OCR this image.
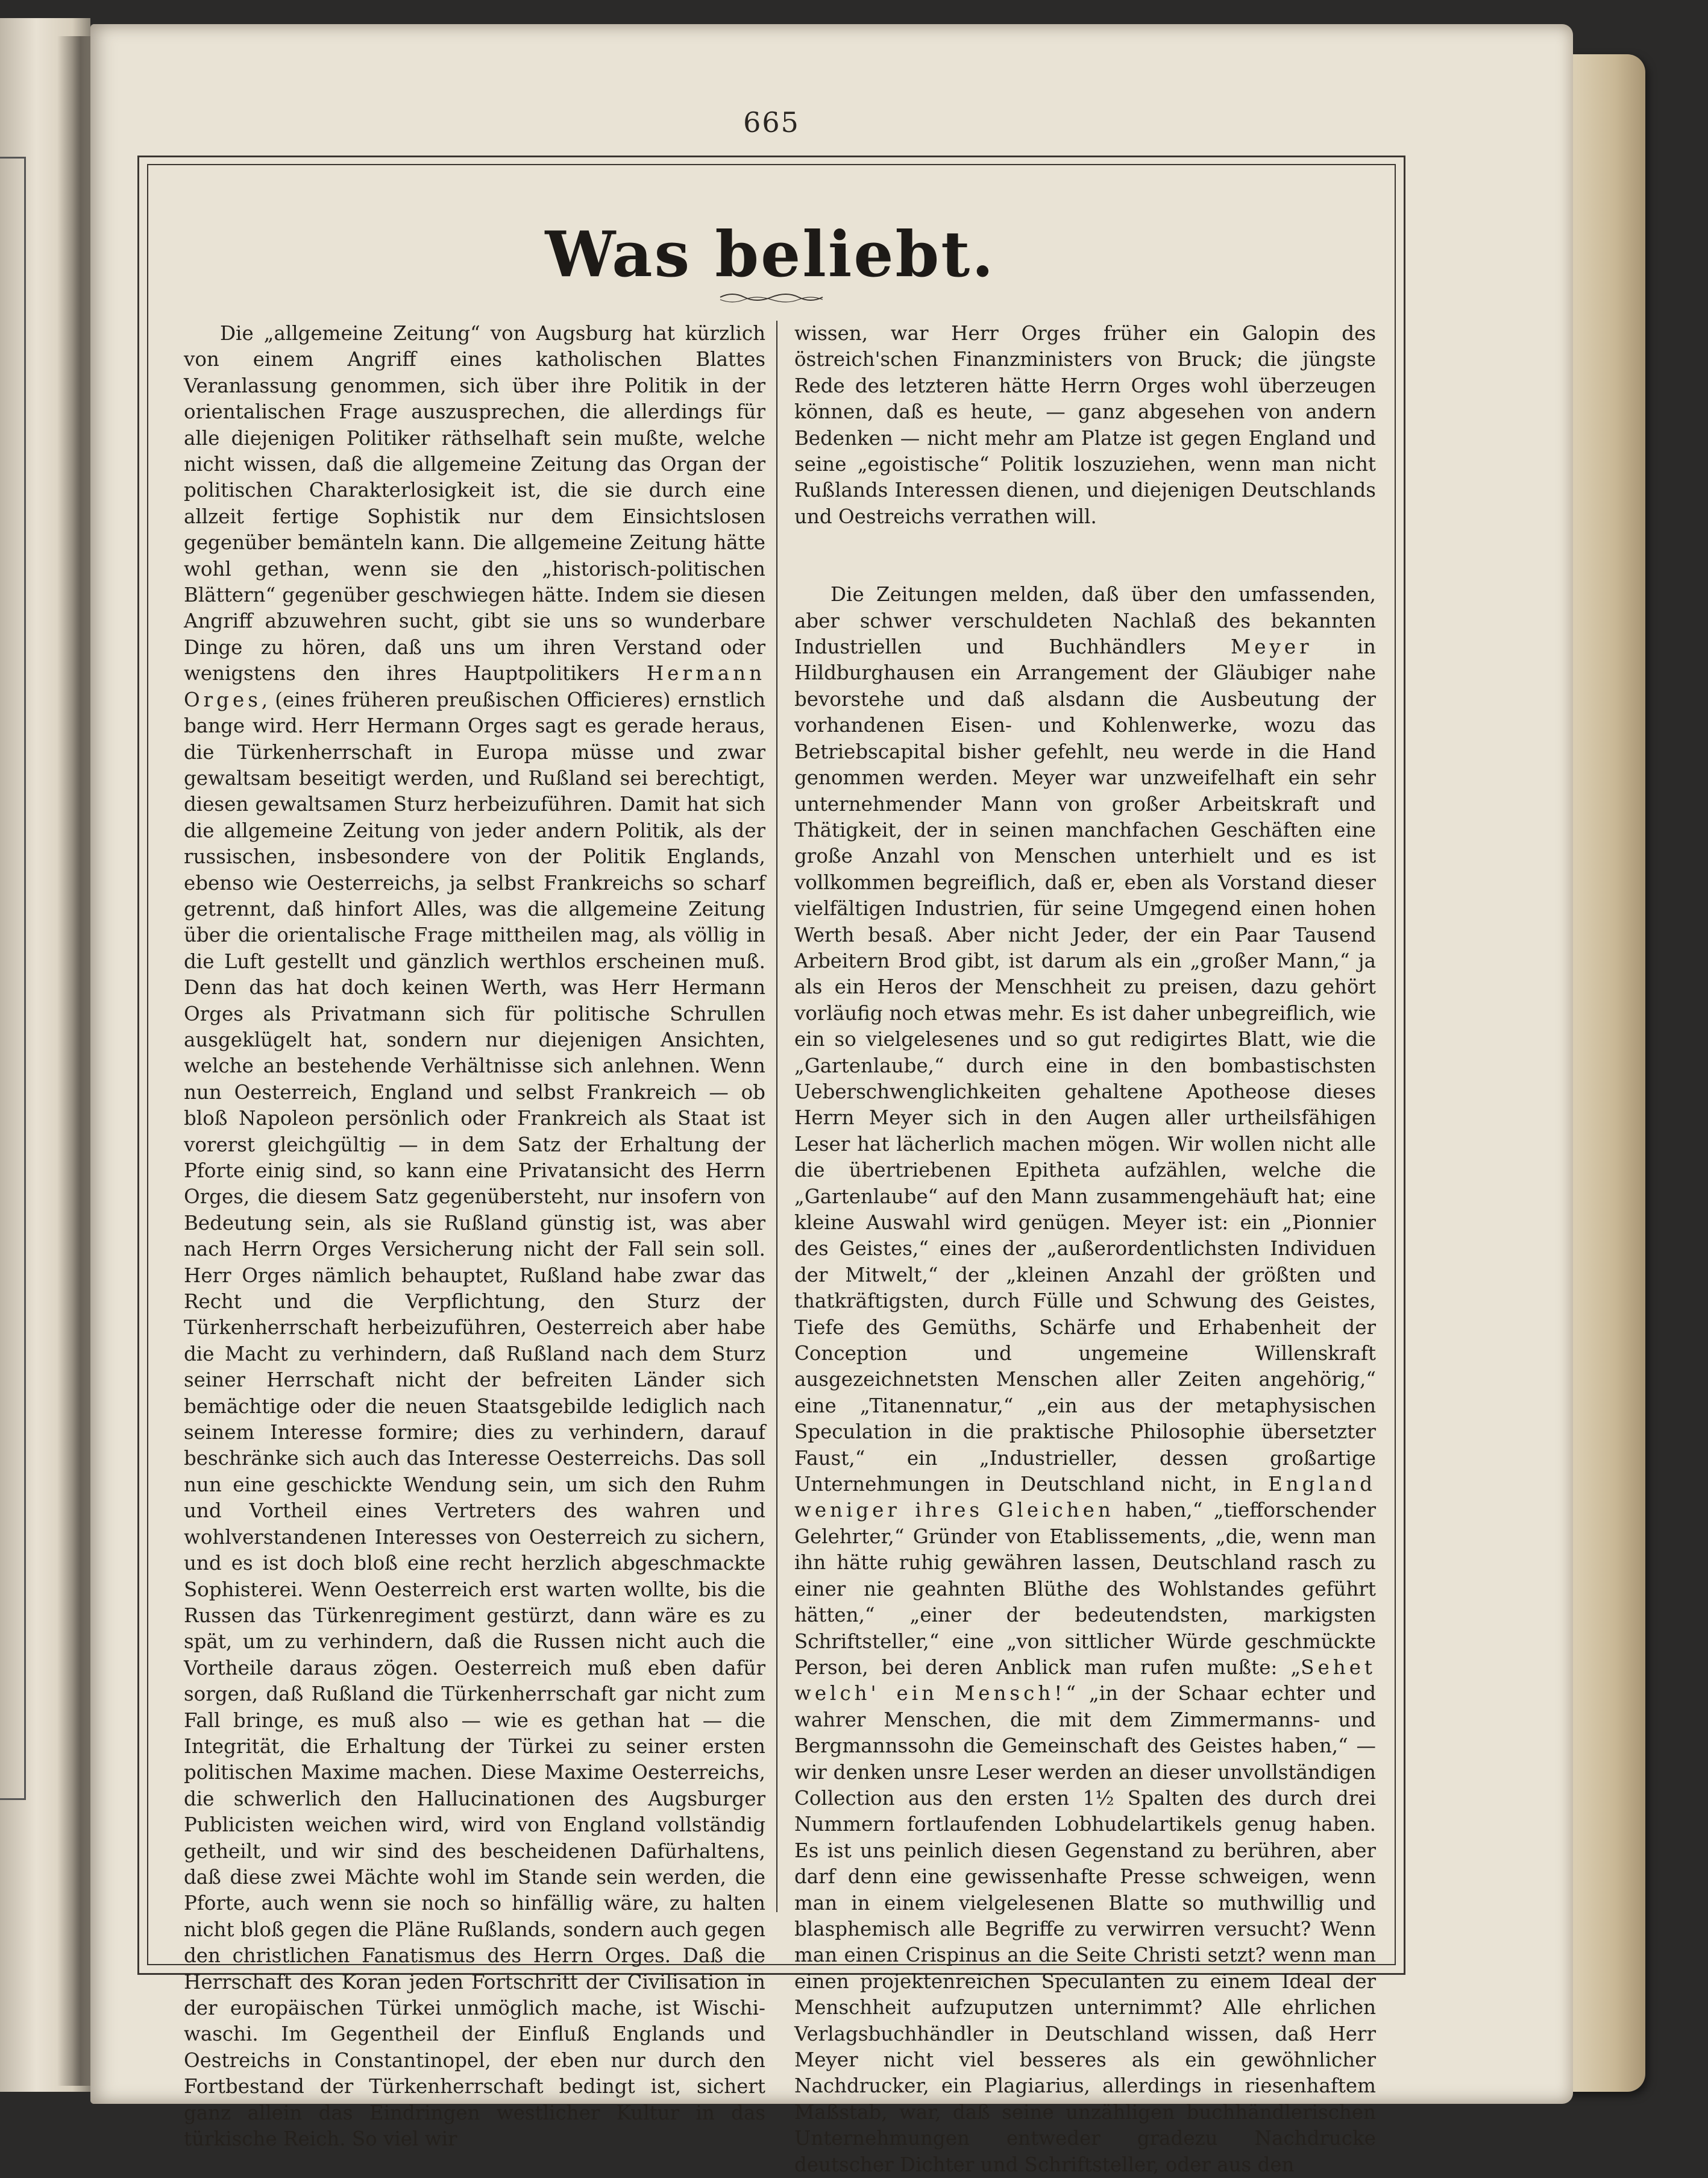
665
Was beliebt.

Die „allgemeine Zeitung“ von Augsburg hat kürzlich von einem Angriff eines katholischen Blattes Veranlassung genommen, sich über ihre Politik in der orientalischen Frage auszusprechen, die allerdings für alle diejenigen Politiker räthselhaft sein mußte, welche nicht wissen, daß die allgemeine Zeitung das Organ der politischen Charakterlosigkeit ist, die sie durch eine allzeit fertige Sophistik nur dem Einsichtslosen gegenüber bemänteln kann. Die allgemeine Zeitung hätte wohl gethan, wenn sie den „historisch-politischen Blättern“ gegenüber geschwiegen hätte. Indem sie diesen Angriff abzuwehren sucht, gibt sie uns so wunderbare Dinge zu hören, daß uns um ihren Verstand oder wenigstens den ihres Hauptpolitikers Hermann Orges, (eines früheren preußischen Officieres) ernstlich bange wird. Herr Hermann Orges sagt es gerade heraus, die Türkenherrschaft in Europa müsse und zwar gewaltsam beseitigt werden, und Rußland sei berechtigt, diesen gewaltsamen Sturz herbeizuführen. Damit hat sich die allgemeine Zeitung von jeder andern Politik, als der russischen, insbesondere von der Politik Englands, ebenso wie Oesterreichs, ja selbst Frankreichs so scharf getrennt, daß hinfort Alles, was die allgemeine Zeitung über die orientalische Frage mittheilen mag, als völlig in die Luft gestellt und gänzlich werthlos erscheinen muß. Denn das hat doch keinen Werth, was Herr Hermann Orges als Privatmann sich für politische Schrullen ausgeklügelt hat, sondern nur diejenigen Ansichten, welche an bestehende Verhältnisse sich anlehnen. Wenn nun Oesterreich, England und selbst Frankreich — ob bloß Napoleon persönlich oder Frankreich als Staat ist vorerst gleichgültig — in dem Satz der Erhaltung der Pforte einig sind, so kann eine Privatansicht des Herrn Orges, die diesem Satz gegenübersteht, nur insofern von Bedeutung sein, als sie Rußland günstig ist, was aber nach Herrn Orges Versicherung nicht der Fall sein soll. Herr Orges nämlich behauptet, Rußland habe zwar das Recht und die Verpflichtung, den Sturz der Türkenherrschaft herbeizuführen, Oesterreich aber habe die Macht zu verhindern, daß Rußland nach dem Sturz seiner Herrschaft nicht der befreiten Länder sich bemächtige oder die neuen Staatsgebilde lediglich nach seinem Interesse formire; dies zu verhindern, darauf beschränke sich auch das Interesse Oesterreichs. Das soll nun eine geschickte Wendung sein, um sich den Ruhm und Vortheil eines Vertreters des wahren und wohlverstandenen Interesses von Oesterreich zu sichern, und es ist doch bloß eine recht herzlich abgeschmackte Sophisterei. Wenn Oesterreich erst warten wollte, bis die Russen das Türkenregiment gestürzt, dann wäre es zu spät, um zu verhindern, daß die Russen nicht auch die Vortheile daraus zögen. Oesterreich muß eben dafür sorgen, daß Rußland die Türkenherrschaft gar nicht zum Fall bringe, es muß also — wie es gethan hat — die Integrität, die Erhaltung der Türkei zu seiner ersten politischen Maxime machen. Diese Maxime Oesterreichs, die schwerlich den Hallucinationen des Augsburger Publicisten weichen wird, wird von England vollständig getheilt, und wir sind des bescheidenen Dafürhaltens, daß diese zwei Mächte wohl im Stande sein werden, die Pforte, auch wenn sie noch so hinfällig wäre, zu halten nicht bloß gegen die Pläne Rußlands, sondern auch gegen den christlichen Fanatismus des Herrn Orges. Daß die Herrschaft des Koran jeden Fortschritt der Civilisation in der europäischen Türkei unmöglich mache, ist Wischi-waschi. Im Gegentheil der Einfluß Englands und Oestreichs in Constantinopel, der eben nur durch den Fortbestand der Türkenherrschaft bedingt ist, sichert ganz allein das Eindringen westlicher Kultur in das türkische Reich. So viel wir

wissen, war Herr Orges früher ein Galopin des östreich'schen Finanzministers von Bruck; die jüngste Rede des letzteren hätte Herrn Orges wohl überzeugen können, daß es heute, — ganz abgesehen von andern Bedenken — nicht mehr am Platze ist gegen England und seine „egoistische“ Politik loszuziehen, wenn man nicht Rußlands Interessen dienen, und diejenigen Deutschlands und Oestreichs verrathen will.

Die Zeitungen melden, daß über den umfassenden, aber schwer verschuldeten Nachlaß des bekannten Industriellen und Buchhändlers Meyer in Hildburghausen ein Arrangement der Gläubiger nahe bevorstehe und daß alsdann die Ausbeutung der vorhandenen Eisen- und Kohlenwerke, wozu das Betriebscapital bisher gefehlt, neu werde in die Hand genommen werden. Meyer war unzweifelhaft ein sehr unternehmender Mann von großer Arbeitskraft und Thätigkeit, der in seinen manchfachen Geschäften eine große Anzahl von Menschen unterhielt und es ist vollkommen begreiflich, daß er, eben als Vorstand dieser vielfältigen Industrien, für seine Umgegend einen hohen Werth besaß. Aber nicht Jeder, der ein Paar Tausend Arbeitern Brod gibt, ist darum als ein „großer Mann,“ ja als ein Heros der Menschheit zu preisen, dazu gehört vorläufig noch etwas mehr. Es ist daher unbegreiflich, wie ein so vielgelesenes und so gut redigirtes Blatt, wie die „Gartenlaube,“ durch eine in den bombastischsten Ueberschwenglichkeiten gehaltene Apotheose dieses Herrn Meyer sich in den Augen aller urtheilsfähigen Leser hat lächerlich machen mögen. Wir wollen nicht alle die übertriebenen Epitheta aufzählen, welche die „Gartenlaube“ auf den Mann zusammengehäuft hat; eine kleine Auswahl wird genügen. Meyer ist: ein „Pionnier des Geistes,“ eines der „außerordentlichsten Individuen der Mitwelt,“ der „kleinen Anzahl der größten und thatkräftigsten, durch Fülle und Schwung des Geistes, Tiefe des Gemüths, Schärfe und Erhabenheit der Conception und ungemeine Willenskraft ausgezeichnetsten Menschen aller Zeiten angehörig,“ eine „Titanennatur,“ „ein aus der metaphysischen Speculation in die praktische Philosophie übersetzter Faust,“ ein „Industrieller, dessen großartige Unternehmungen in Deutschland nicht, in England weniger ihres Gleichen haben,“ „tiefforschender Gelehrter,“ Gründer von Etablissements, „die, wenn man ihn hätte ruhig gewähren lassen, Deutschland rasch zu einer nie geahnten Blüthe des Wohlstandes geführt hätten,“ „einer der bedeutendsten, markigsten Schriftsteller,“ eine „von sittlicher Würde geschmückte Person, bei deren Anblick man rufen mußte: „Sehet welch' ein Mensch!“ „in der Schaar echter und wahrer Menschen, die mit dem Zimmermanns- und Bergmannssohn die Gemeinschaft des Geistes haben,“ — wir denken unsre Leser werden an dieser unvollständigen Collection aus den ersten 1½ Spalten des durch drei Nummern fortlaufenden Lobhudelartikels genug haben. Es ist uns peinlich diesen Gegenstand zu berühren, aber darf denn eine gewissenhafte Presse schweigen, wenn man in einem vielgelesenen Blatte so muthwillig und blasphemisch alle Begriffe zu verwirren versucht? Wenn man einen Crispinus an die Seite Christi setzt? wenn man einen projektenreichen Speculanten zu einem Ideal der Menschheit aufzuputzen unternimmt? Alle ehrlichen Verlagsbuchhändler in Deutschland wissen, daß Herr Meyer nicht viel besseres als ein gewöhnlicher Nachdrucker, ein Plagiarius, allerdings in riesenhaftem Maßstab, war, daß seine unzähligen buchhändlerischen Unternehmungen entweder gradezu Nachdrucke deutscher Dichter und Schriftsteller, oder aus den
